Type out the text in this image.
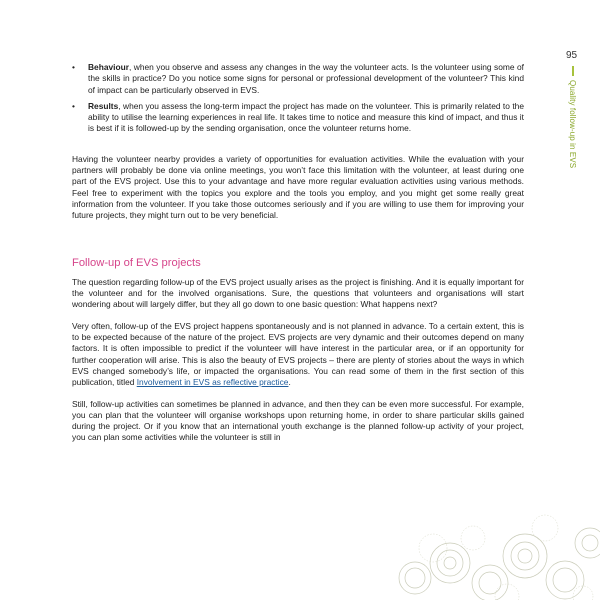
95
Quality follow-up in EVS
• Behaviour, when you observe and assess any changes in the way the volunteer acts. Is the volunteer using some of the skills in practice? Do you notice some signs for personal or professional development of the volunteer? This kind of impact can be particularly observed in EVS.
• Results, when you assess the long-term impact the project has made on the volunteer. This is primarily related to the ability to utilise the learning experiences in real life. It takes time to notice and measure this kind of impact, and thus it is best if it is followed-up by the sending organisation, once the volunteer returns home.

Having the volunteer nearby provides a variety of opportunities for evaluation activities. While the evaluation with your partners will probably be done via online meetings, you won’t face this limitation with the volunteer, at least during one part of the EVS project. Use this to your advantage and have more regular evaluation activities using various methods. Feel free to experiment with the topics you explore and the tools you employ, and you might get some really great information from the volunteer. If you take those outcomes seriously and if you are willing to use them for improving your future projects, they might turn out to be very beneficial.

Follow-up of EVS projects

The question regarding follow-up of the EVS project usually arises as the project is finishing. And it is equally important for the volunteer and for the involved organisations. Sure, the questions that volunteers and organisations will start wondering about will largely differ, but they all go down to one basic question: What happens next?

Very often, follow-up of the EVS project happens spontaneously and is not planned in advance. To a certain extent, this is to be expected because of the nature of the project. EVS projects are very dynamic and their outcomes depend on many factors. It is often impossible to predict if the volunteer will have interest in the particular area, or if an opportunity for further cooperation will arise. This is also the beauty of EVS projects – there are plenty of stories about the ways in which EVS changed somebody’s life, or impacted the organisations. You can read some of them in the first section of this publication, titled Involvement in EVS as reflective practice.

Still, follow-up activities can sometimes be planned in advance, and then they can be even more successful. For example, you can plan that the volunteer will organise workshops upon returning home, in order to share particular skills gained during the project. Or if you know that an international youth exchange is the planned follow-up activity of your project, you can plan some activities while the volunteer is still in
